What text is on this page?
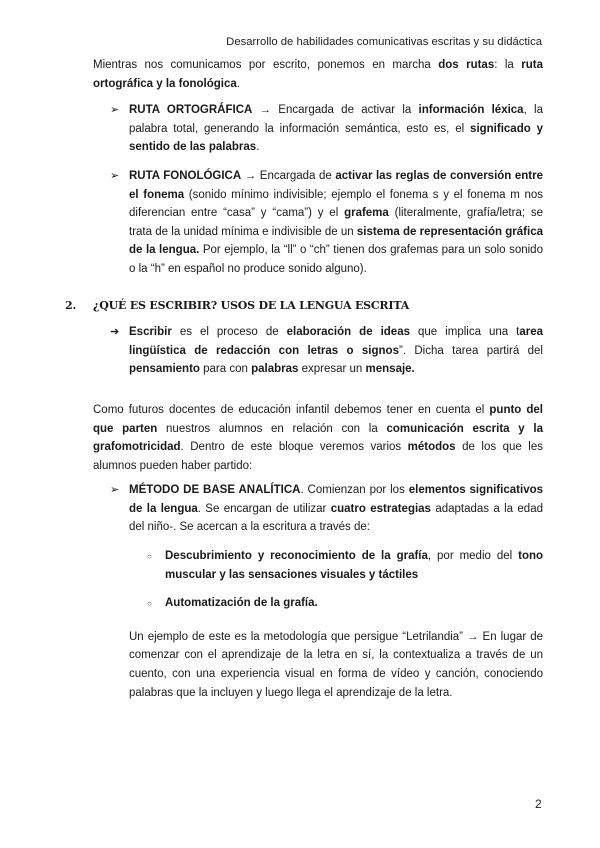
Desarrollo de habilidades comunicativas escritas y su didáctica

Mientras nos comunicamos por escrito, ponemos en marcha dos rutas: la ruta ortográfica y la fonológica.

➢ RUTA ORTOGRÁFICA → Encargada de activar la información léxica, la palabra total, generando la información semántica, esto es, el significado y sentido de las palabras.

➢ RUTA FONOLÓGICA → Encargada de activar las reglas de conversión entre el fonema (sonido mínimo indivisible; ejemplo el fonema s y el fonema m nos diferencian entre “casa” y “cama”) y el grafema (literalmente, grafía/letra; se trata de la unidad mínima e indivisible de un sistema de representación gráfica de la lengua. Por ejemplo, la “ll” o “ch” tienen dos grafemas para un solo sonido o la “h” en español no produce sonido alguno).

2. ¿QUÉ ES ESCRIBIR? USOS DE LA LENGUA ESCRITA
➔ Escribir es el proceso de elaboración de ideas que implica una tarea lingüística de redacción con letras o signos”. Dicha tarea partirá del pensamiento para con palabras expresar un mensaje.

Como futuros docentes de educación infantil debemos tener en cuenta el punto del que parten nuestros alumnos en relación con la comunicación escrita y la grafomotricidad. Dentro de este bloque veremos varios métodos de los que les alumnos pueden haber partido:

➢ MÉTODO DE BASE ANALÍTICA. Comienzan por los elementos significativos de la lengua. Se encargan de utilizar cuatro estrategias adaptadas a la edad del niño-. Se acercan a la escritura a través de:

○ Descubrimiento y reconocimiento de la grafía, por medio del tono muscular y las sensaciones visuales y táctiles

○ Automatización de la grafía.

Un ejemplo de este es la metodología que persigue “Letrilandia” → En lugar de comenzar con el aprendizaje de la letra en sí, la contextualiza a través de un cuento, con una experiencia visual en forma de vídeo y canción, conociendo palabras que la incluyen y luego llega el aprendizaje de la letra.

2
